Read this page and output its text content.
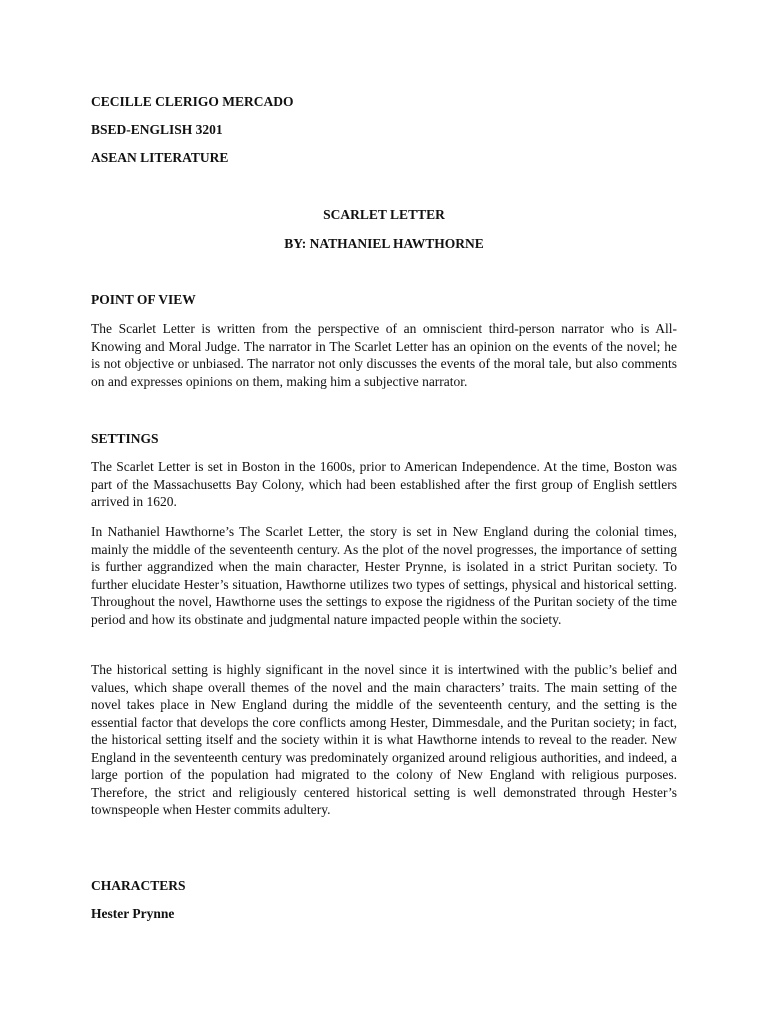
CECILLE CLERIGO MERCADO
BSED-ENGLISH 3201
ASEAN LITERATURE
SCARLET LETTER
BY: NATHANIEL HAWTHORNE
POINT OF VIEW
The Scarlet Letter is written from the perspective of an omniscient third-person narrator who is All-Knowing and Moral Judge. The narrator in The Scarlet Letter has an opinion on the events of the novel; he is not objective or unbiased. The narrator not only discusses the events of the moral tale, but also comments on and expresses opinions on them, making him a subjective narrator.
SETTINGS
The Scarlet Letter is set in Boston in the 1600s, prior to American Independence. At the time, Boston was part of the Massachusetts Bay Colony, which had been established after the first group of English settlers arrived in 1620.
In Nathaniel Hawthorne’s The Scarlet Letter, the story is set in New England during the colonial times, mainly the middle of the seventeenth century. As the plot of the novel progresses, the importance of setting is further aggrandized when the main character, Hester Prynne, is isolated in a strict Puritan society. To further elucidate Hester’s situation, Hawthorne utilizes two types of settings, physical and historical setting. Throughout the novel, Hawthorne uses the settings to expose the rigidness of the Puritan society of the time period and how its obstinate and judgmental nature impacted people within the society.
The historical setting is highly significant in the novel since it is intertwined with the public’s belief and values, which shape overall themes of the novel and the main characters’ traits. The main setting of the novel takes place in New England during the middle of the seventeenth century, and the setting is the essential factor that develops the core conflicts among Hester, Dimmesdale, and the Puritan society; in fact, the historical setting itself and the society within it is what Hawthorne intends to reveal to the reader. New England in the seventeenth century was predominately organized around religious authorities, and indeed, a large portion of the population had migrated to the colony of New England with religious purposes. Therefore, the strict and religiously centered historical setting is well demonstrated through Hester’s townspeople when Hester commits adultery.
CHARACTERS
Hester Prynne
